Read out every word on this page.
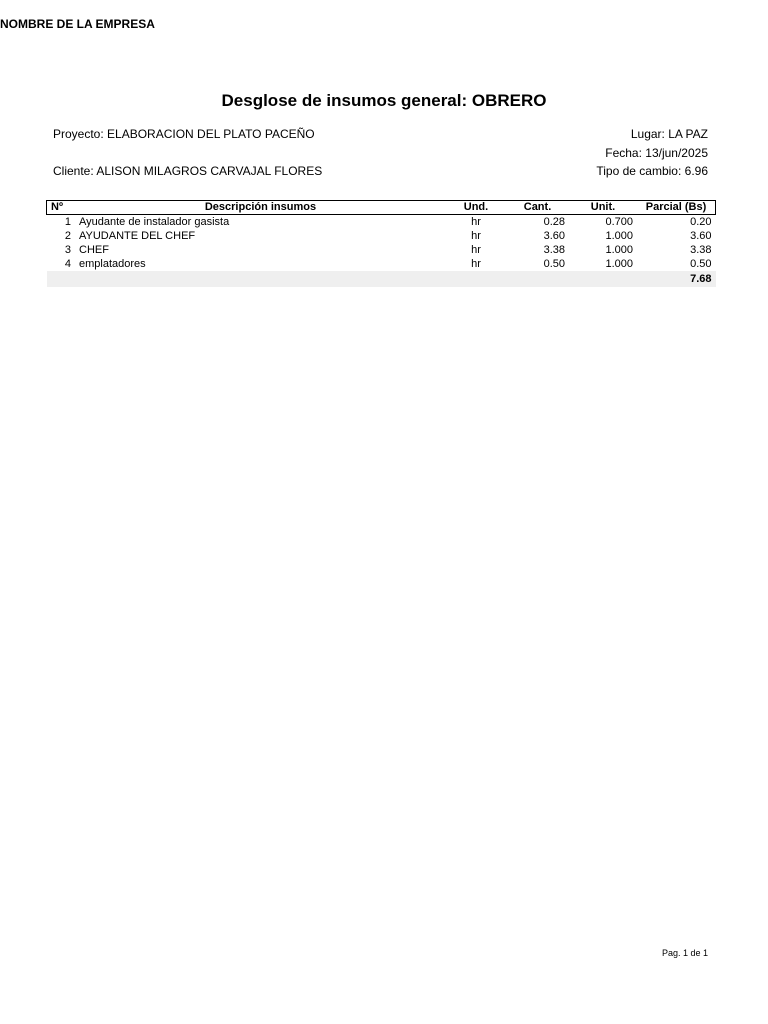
NOMBRE DE LA EMPRESA
Desglose de insumos general: OBRERO
Proyecto: ELABORACION DEL PLATO PACEÑO
Cliente: ALISON MILAGROS CARVAJAL FLORES
Lugar: LA PAZ
Fecha: 13/jun/2025
Tipo de cambio: 6.96
Nº	Descripción insumos	Und.	Cant.	Unit.	Parcial (Bs)
1	Ayudante de instalador gasista	hr	0.28	0.700	0.20
2	AYUDANTE DEL CHEF	hr	3.60	1.000	3.60
3	CHEF	hr	3.38	1.000	3.38
4	emplatadores	hr	0.50	1.000	0.50
					7.68
Pag. 1 de 1
